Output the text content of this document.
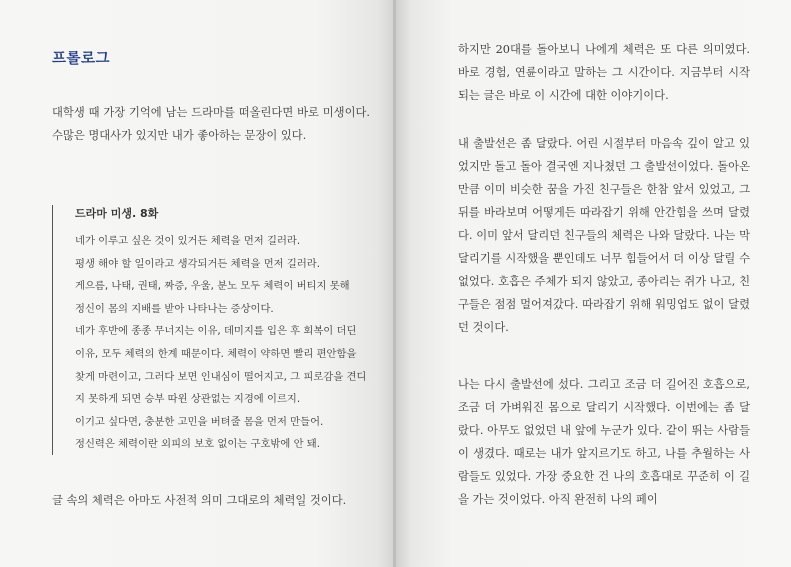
프롤로그

대학생 때 가장 기억에 남는 드라마를 떠올린다면 바로 미생이다. 수많은 명대사가 있지만 내가 좋아하는 문장이 있다.

드라마 미생. 8화
네가 이루고 싶은 것이 있거든 체력을 먼저 길러라.
평생 해야 할 일이라고 생각되거든 체력을 먼저 길러라.
게으름, 나태, 권태, 짜증, 우울, 분노 모두 체력이 버티지 못해
정신이 몸의 지배를 받아 나타나는 증상이다.
네가 후반에 종종 무너지는 이유, 데미지를 입은 후 회복이 더딘
이유, 모두 체력의 한계 때문이다. 체력이 약하면 빨리 편안함을
찾게 마련이고, 그러다 보면 인내심이 떨어지고, 그 피로감을 견디
지 못하게 되면 승부 따윈 상관없는 지경에 이르지.
이기고 싶다면, 충분한 고민을 버텨줄 몸을 먼저 만들어.
정신력은 체력이란 외피의 보호 없이는 구호밖에 안 돼.

글 속의 체력은 아마도 사전적 의미 그대로의 체력일 것이다.

하지만 20대를 돌아보니 나에게 체력은 또 다른 의미였다. 바로 경험, 연륜이라고 말하는 그 시간이다. 지금부터 시작되는 글은 바로 이 시간에 대한 이야기이다.

내 출발선은 좀 달랐다. 어린 시절부터 마음속 깊이 알고 있었지만 돌고 돌아 결국엔 지나쳤던 그 출발선이었다. 돌아온 만큼 이미 비슷한 꿈을 가진 친구들은 한참 앞서 있었고, 그 뒤를 바라보며 어떻게든 따라잡기 위해 안간힘을 쓰며 달렸다. 이미 앞서 달리던 친구들의 체력은 나와 달랐다. 나는 막 달리기를 시작했을 뿐인데도 너무 힘들어서 더 이상 달릴 수 없었다. 호흡은 주체가 되지 않았고, 종아리는 쥐가 나고, 친구들은 점점 멀어져갔다. 따라잡기 위해 워밍업도 없이 달렸던 것이다.

나는 다시 출발선에 섰다. 그리고 조금 더 길어진 호흡으로, 조금 더 가벼워진 몸으로 달리기 시작했다. 이번에는 좀 달랐다. 아무도 없었던 내 앞에 누군가 있다. 같이 뛰는 사람들이 생겼다. 때로는 내가 앞지르기도 하고, 나를 추월하는 사람들도 있었다. 가장 중요한 건 나의 호흡대로 꾸준히 이 길을 가는 것이었다. 아직 완전히 나의 페이
